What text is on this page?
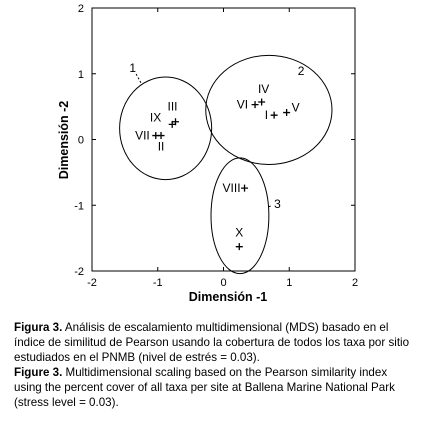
-2	-1	0	1	2
2
1
0
-1
-2
1	2
3
III
IX
VII
II
IV
VI
I
V
VIII
X
Dimensión -1
Dimensión -2

Figura 3. Análisis de escalamiento multidimensional (MDS) basado en el índice de similitud de Pearson usando la cobertura de todos los taxa por sitio estudiados en el PNMB (nivel de estrés = 0.03).

Figure 3. Multidimensional scaling based on the Pearson similarity index using the percent cover of all taxa per site at Ballena Marine National Park (stress level = 0.03).
